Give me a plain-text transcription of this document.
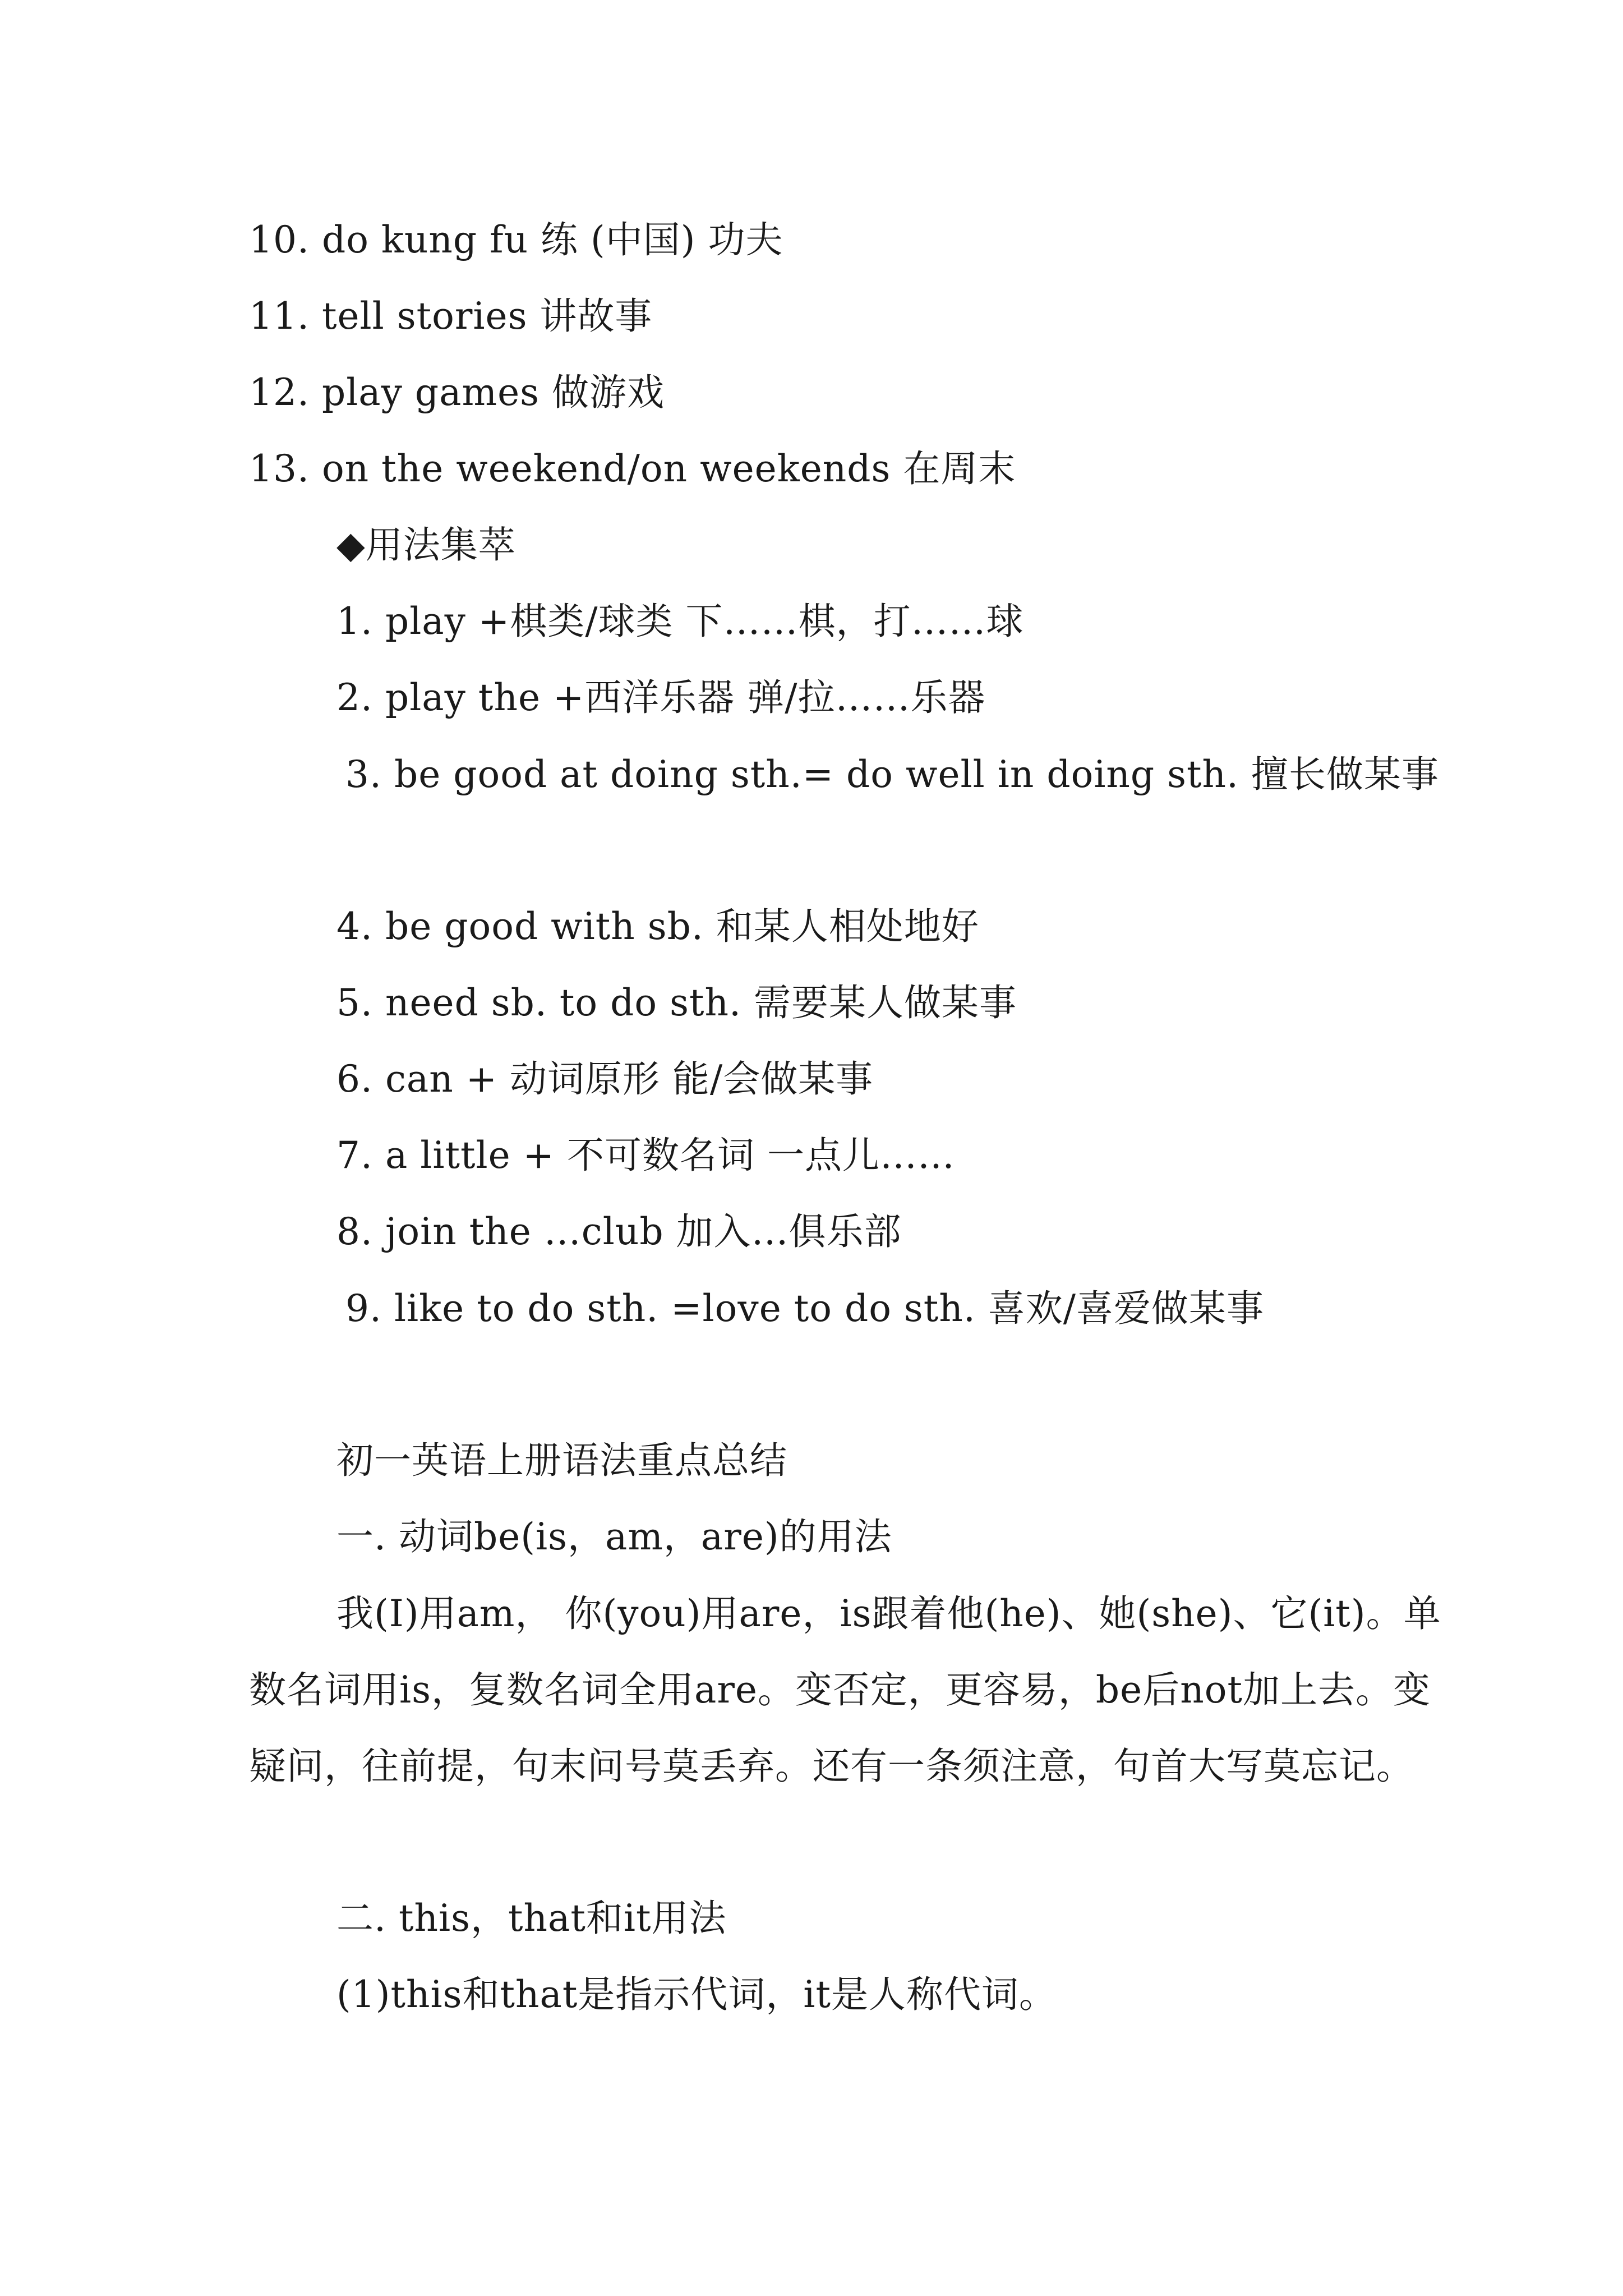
10. do kung fu 练 (中国) 功夫
11. tell stories 讲故事
12. play games 做游戏
13. on the weekend/on weekends 在周末
◆用法集萃
1. play +棋类/球类 下……棋，打……球
2. play the +西洋乐器 弹/拉……乐器
3. be good at doing sth.= do well in doing sth. 擅长做某事
4. be good with sb. 和某人相处地好
5. need sb. to do sth. 需要某人做某事
6. can + 动词原形 能/会做某事
7. a little + 不可数名词 一点儿……
8. join the …club 加入…俱乐部
9. like to do sth. =love to do sth. 喜欢/喜爱做某事
初一英语上册语法重点总结
一. 动词be(is，am，are)的用法
我(I)用am， 你(you)用are，is跟着他(he)、她(she)、它(it)。单数名词用is，复数名词全用are。变否定，更容易，be后not加上去。变疑问，往前提，句末问号莫丢弃。还有一条须注意，句首大写莫忘记。
二. this，that和it用法
(1)this和that是指示代词，it是人称代词。
